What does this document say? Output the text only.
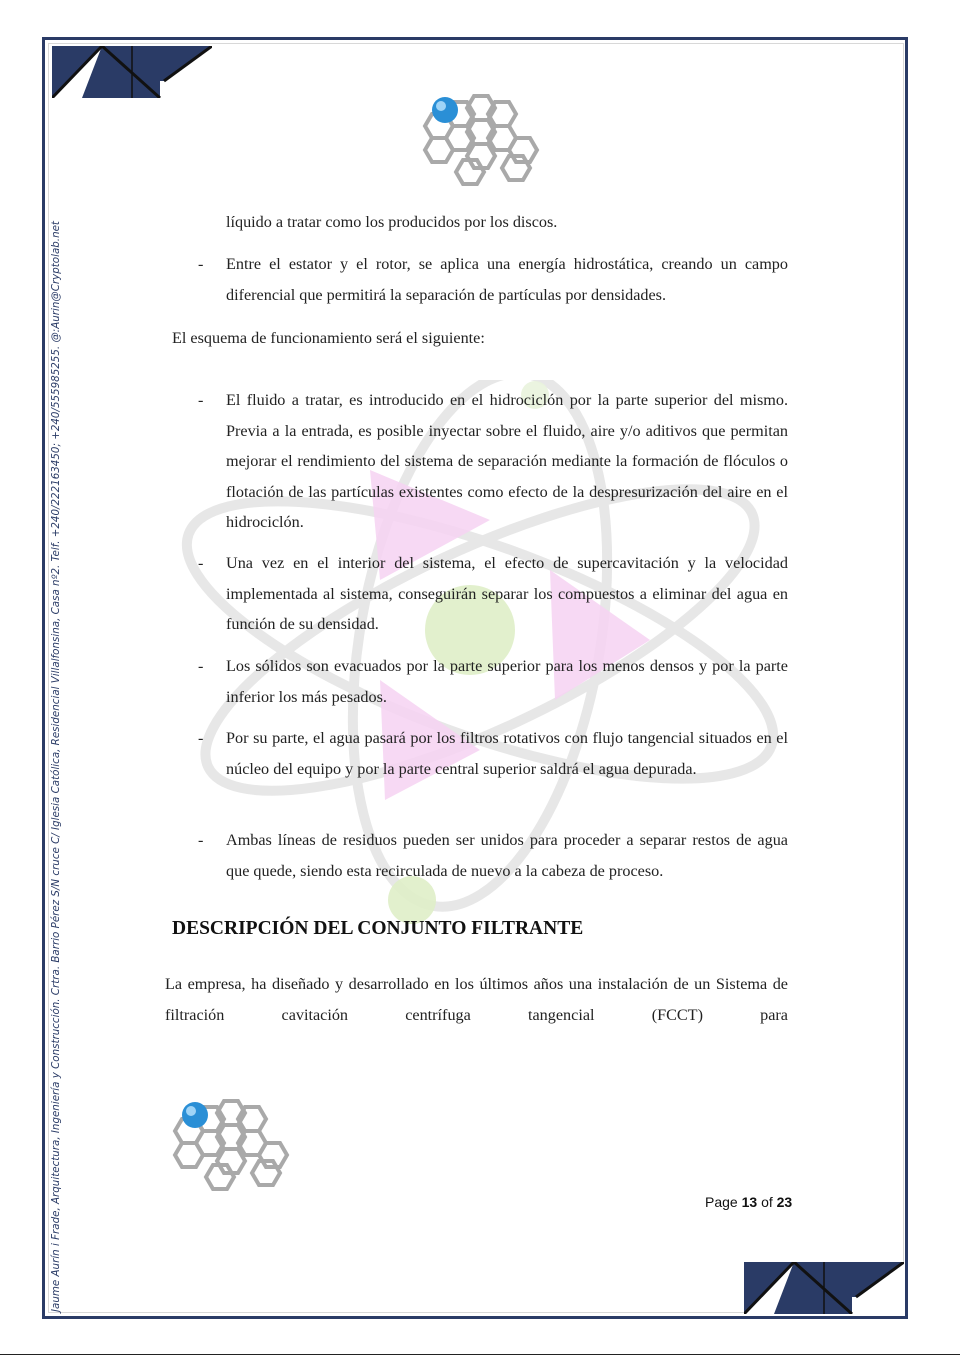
Jaume Aurín i Frade, Arquitectura, Ingeniería y Construcción. Crtra. Barrio Pérez S/N cruce C/ Iglesia Católica, Residencial Villalfonsina, Casa nº2. Telf. +240/222163450; +240/555985255. @:Aurin@Cryptolab.net	líquido a tratar como los producidos por los discos.
- Entre el estator y el rotor, se aplica una energía hidrostática, creando un campo diferencial que permitirá la separación de partículas por densidades.
El esquema de funcionamiento será el siguiente:
- El fluido a tratar, es introducido en el hidrociclón por la parte superior del mismo. Previa a la entrada, es posible inyectar sobre el fluido, aire y/o aditivos que permitan mejorar el rendimiento del sistema de separación mediante la formación de flóculos o flotación de las partículas existentes como efecto de la despresurización del aire en el hidrociclón.
- Una vez en el interior del sistema, el efecto de supercavitación y la velocidad implementada al sistema, conseguirán separar los compuestos a eliminar del agua en función de su densidad.
- Los sólidos son evacuados por la parte superior para los menos densos y por la parte inferior los más pesados.
- Por su parte, el agua pasará por los filtros rotativos con flujo tangencial situados en el núcleo del equipo y por la parte central superior saldrá el agua depurada.
- Ambas líneas de residuos pueden ser unidos para proceder a separar restos de agua que quede, siendo esta recirculada de nuevo a la cabeza de proceso.
DESCRIPCIÓN DEL CONJUNTO FILTRANTE
La empresa, ha diseñado y desarrollado en los últimos años una instalación de un Sistema de filtración cavitación centrífuga tangencial (FCCT) para
Page 13 of 23
